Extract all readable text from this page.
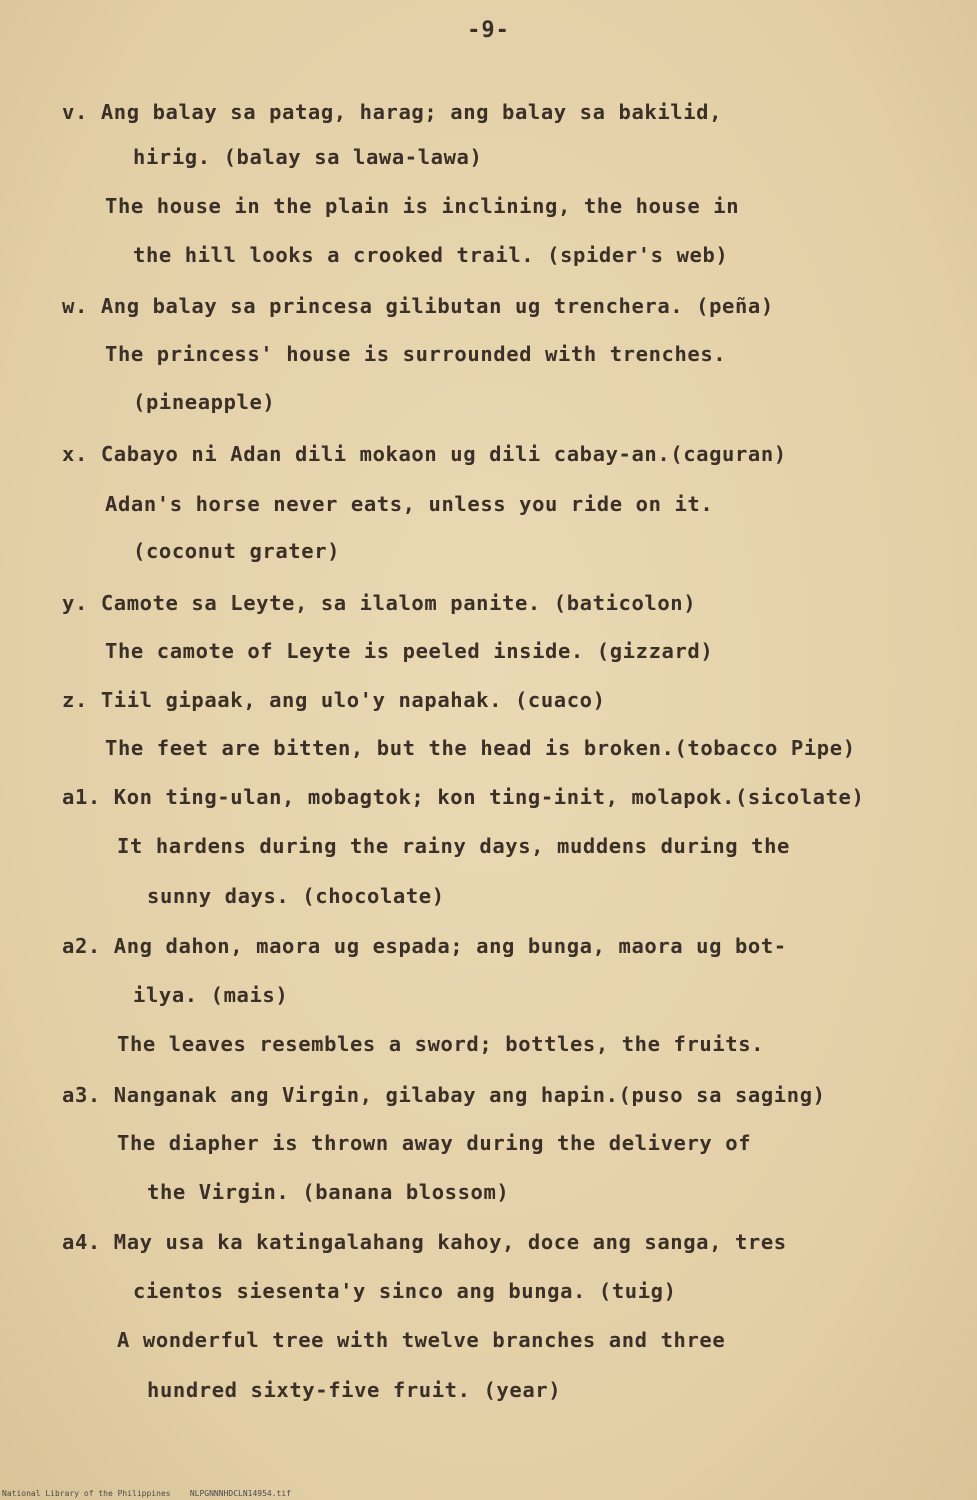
-9-
v. Ang balay sa patag, harag; ang balay sa bakilid,
hirig. (balay sa lawa-lawa)
The house in the plain is inclining, the house in
the hill looks a crooked trail. (spider's web)
w. Ang balay sa princesa gilibutan ug trenchera. (peña)
The princess' house is surrounded with trenches.
(pineapple)
x. Cabayo ni Adan dili mokaon ug dili cabay-an.(caguran)
Adan's horse never eats, unless you ride on it.
(coconut grater)
y. Camote sa Leyte, sa ilalom panite. (baticolon)
The camote of Leyte is peeled inside. (gizzard)
z. Tiil gipaak, ang ulo'y napahak. (cuaco)
The feet are bitten, but the head is broken.(tobacco Pipe)
a1. Kon ting-ulan, mobagtok; kon ting-init, molapok.(sicolate)
It hardens during the rainy days, muddens during the
sunny days. (chocolate)
a2. Ang dahon, maora ug espada; ang bunga, maora ug bot-
ilya. (mais)
The leaves resembles a sword; bottles, the fruits.
a3. Nanganak ang Virgin, gilabay ang hapin.(puso sa saging)
The diapher is thrown away during the delivery of
the Virgin. (banana blossom)
a4. May usa ka katingalahang kahoy, doce ang sanga, tres
cientos siesenta'y sinco ang bunga. (tuig)
A wonderful tree with twelve branches and three
hundred sixty-five fruit. (year)
National Library of the Philippines    NLPGNNNHDCLN14954.tif
